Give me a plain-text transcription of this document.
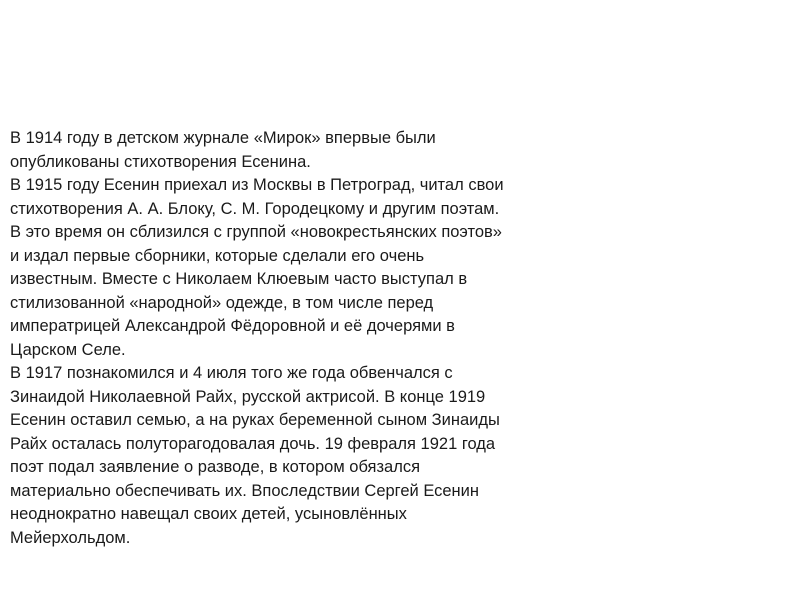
В 1914 году в детском журнале «Мирок» впервые были
опубликованы стихотворения Есенина.
В 1915 году Есенин приехал из Москвы в Петроград, читал свои
стихотворения А. А. Блоку, С. М. Городецкому и другим поэтам.
В это время он сблизился с группой «новокрестьянских поэтов»
и издал первые сборники, которые сделали его очень
известным. Вместе с Николаем Клюевым часто выступал в
стилизованной «народной» одежде, в том числе перед
императрицей Александрой Фёдоровной и её дочерями в
Царском Селе.
В 1917 познакомился и 4 июля того же года обвенчался с
Зинаидой Николаевной Райх, русской актрисой. В конце 1919
Есенин оставил семью, а на руках беременной сыном Зинаиды
Райх осталась полуторагодовалая дочь. 19 февраля 1921 года
поэт подал заявление о разводе, в котором обязался
материально обеспечивать их. Впоследствии Сергей Есенин
неоднократно навещал своих детей, усыновлённых
Мейерхольдом.
